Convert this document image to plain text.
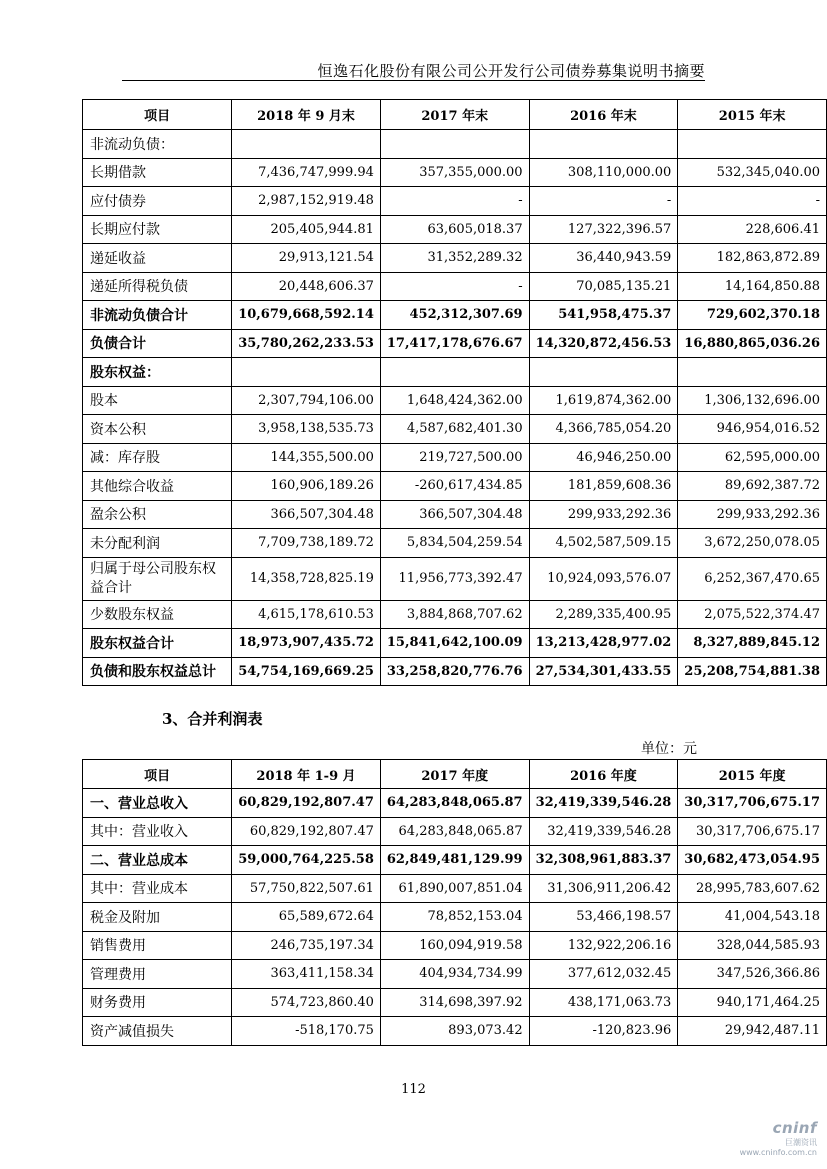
恒逸石化股份有限公司公开发行公司债券募集说明书摘要
项目	2018 年 9 月末	2017 年末	2016 年末	2015 年末
非流动负债：				
长期借款	7,436,747,999.94	357,355,000.00	308,110,000.00	532,345,040.00
应付债券	2,987,152,919.48	-	-	-
长期应付款	205,405,944.81	63,605,018.37	127,322,396.57	228,606.41
递延收益	29,913,121.54	31,352,289.32	36,440,943.59	182,863,872.89
递延所得税负债	20,448,606.37	-	70,085,135.21	14,164,850.88
非流动负债合计	10,679,668,592.14	452,312,307.69	541,958,475.37	729,602,370.18
负债合计	35,780,262,233.53	17,417,178,676.67	14,320,872,456.53	16,880,865,036.26
股东权益：				
股本	2,307,794,106.00	1,648,424,362.00	1,619,874,362.00	1,306,132,696.00
资本公积	3,958,138,535.73	4,587,682,401.30	4,366,785,054.20	946,954,016.52
减：库存股	144,355,500.00	219,727,500.00	46,946,250.00	62,595,000.00
其他综合收益	160,906,189.26	-260,617,434.85	181,859,608.36	89,692,387.72
盈余公积	366,507,304.48	366,507,304.48	299,933,292.36	299,933,292.36
未分配利润	7,709,738,189.72	5,834,504,259.54	4,502,587,509.15	3,672,250,078.05
归属于母公司股东权益合计	14,358,728,825.19	11,956,773,392.47	10,924,093,576.07	6,252,367,470.65
少数股东权益	4,615,178,610.53	3,884,868,707.62	2,289,335,400.95	2,075,522,374.47
股东权益合计	18,973,907,435.72	15,841,642,100.09	13,213,428,977.02	8,327,889,845.12
负债和股东权益总计	54,754,169,669.25	33,258,820,776.76	27,534,301,433.55	25,208,754,881.38
3、合并利润表
单位：元
项目	2018 年 1-9 月	2017 年度	2016 年度	2015 年度
一、营业总收入	60,829,192,807.47	64,283,848,065.87	32,419,339,546.28	30,317,706,675.17
其中：营业收入	60,829,192,807.47	64,283,848,065.87	32,419,339,546.28	30,317,706,675.17
二、营业总成本	59,000,764,225.58	62,849,481,129.99	32,308,961,883.37	30,682,473,054.95
其中：营业成本	57,750,822,507.61	61,890,007,851.04	31,306,911,206.42	28,995,783,607.62
税金及附加	65,589,672.64	78,852,153.04	53,466,198.57	41,004,543.18
销售费用	246,735,197.34	160,094,919.58	132,922,206.16	328,044,585.93
管理费用	363,411,158.34	404,934,734.99	377,612,032.45	347,526,366.86
财务费用	574,723,860.40	314,698,397.92	438,171,063.73	940,171,464.25
资产减值损失	-518,170.75	893,073.42	-120,823.96	29,942,487.11
112
cninf
巨潮资讯
www.cninfo.com.cn
